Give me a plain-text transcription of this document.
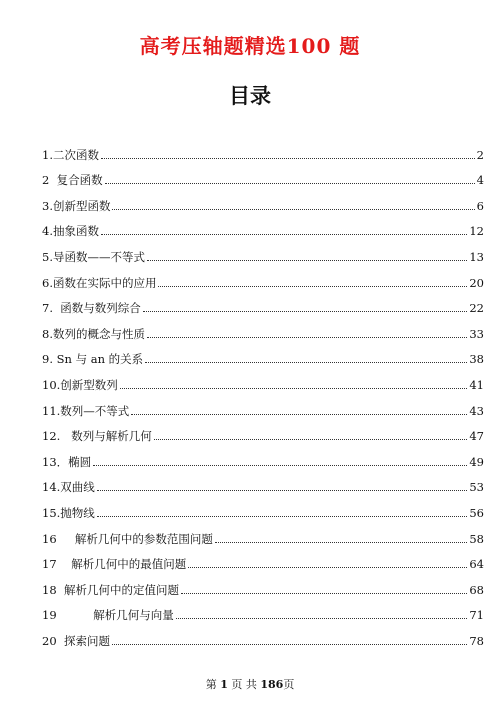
高考压轴题精选100 题
目录
1.二次函数	2
2  复合函数	4
3.创新型函数	6
4.抽象函数	12
5.导函数——不等式	13
6.函数在实际中的应用	20
7.  函数与数列综合	22
8.数列的概念与性质	33
9. Sn 与 an 的关系	38
10.创新型数列	41
11.数列—不等式	43
12.   数列与解析几何	47
13．椭圆	49
14.双曲线	53
15.抛物线	56
16     解析几何中的参数范围问题	58
17    解析几何中的最值问题	64
18  解析几何中的定值问题	68
19          解析几何与向量	71
20  探索问题	78
第 1 页 共 186页
